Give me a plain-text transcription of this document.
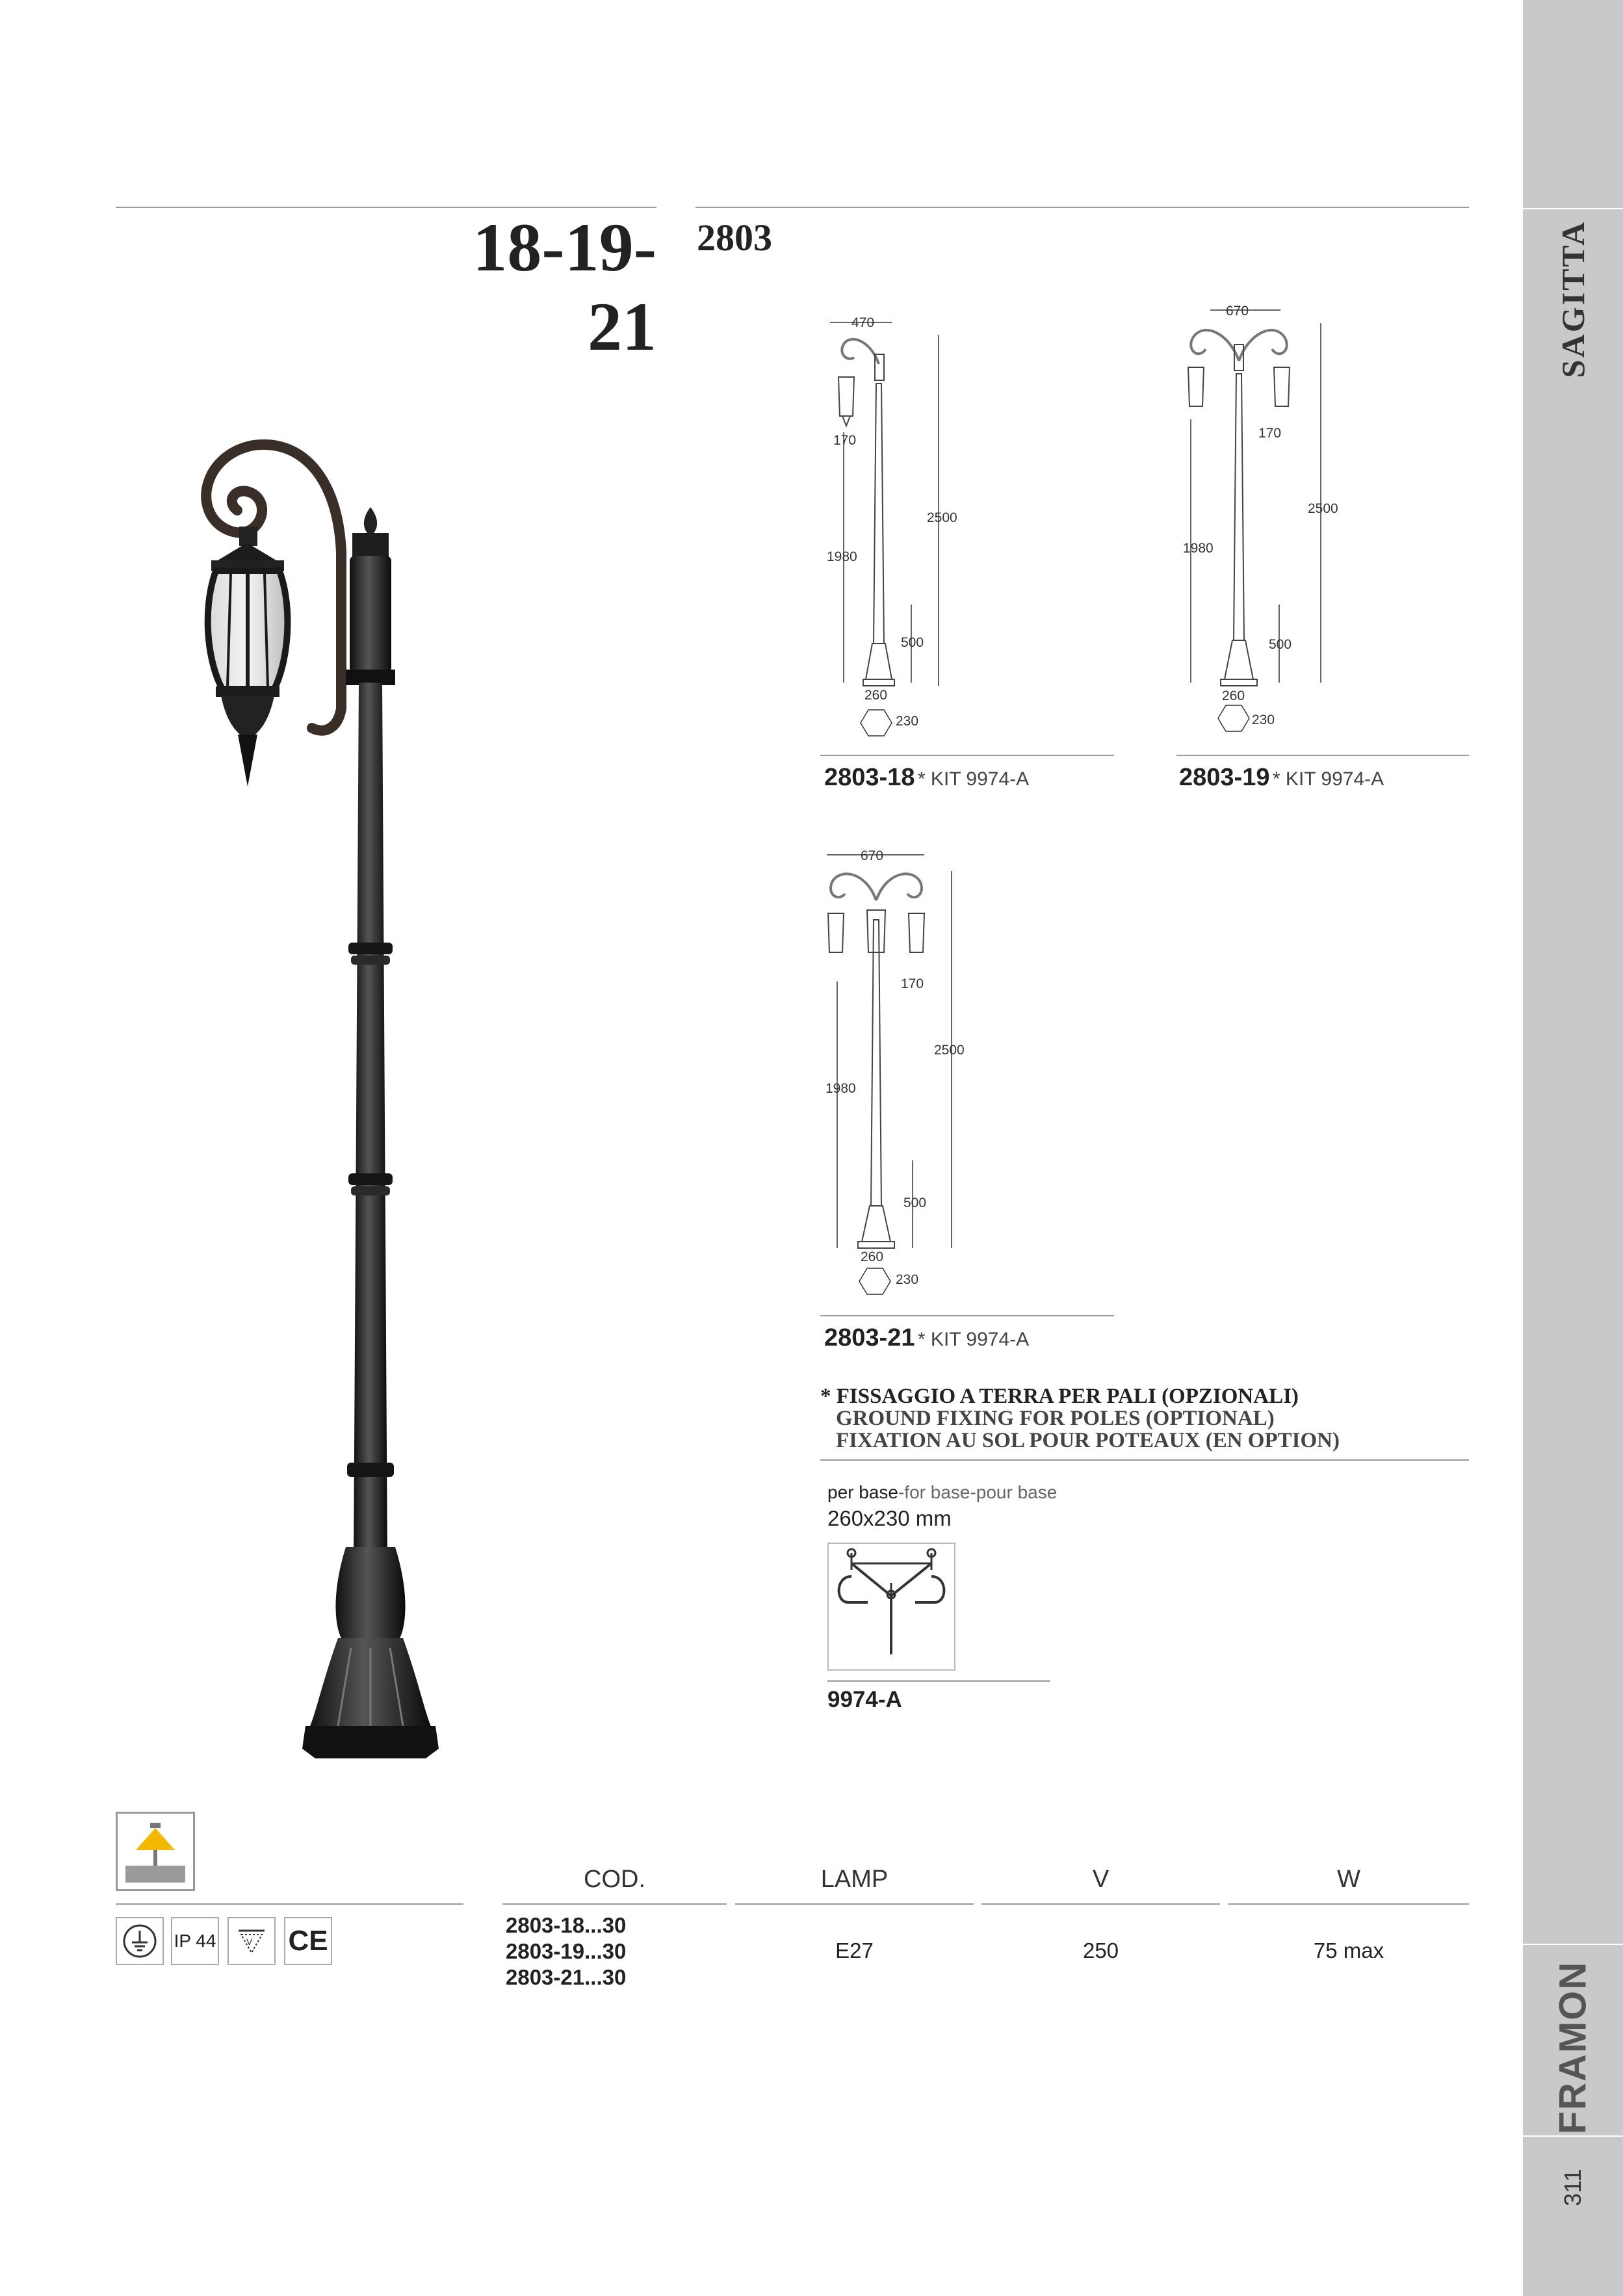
SAGITTA
FRAMON
311
18-19-21
2803
470
170
1980
2500
500
260
230
2803-18 * KIT 9974-A
670
1980
170
2500
500
260
230
2803-19 * KIT 9974-A
670
1980
170
2500
500
260
230
2803-21 * KIT 9974-A
* FISSAGGIO A TERRA PER PALI (OPZIONALI)
GROUND FIXING FOR POLES (OPTIONAL)
FIXATION AU SOL POUR POTEAUX (EN OPTION)
per base-for base-pour base
260x230 mm
9974-A
IP 44	V CE
COD.	LAMP	V	W
2803-18...30
2803-19...30
2803-21...30
E27	250	75 max
